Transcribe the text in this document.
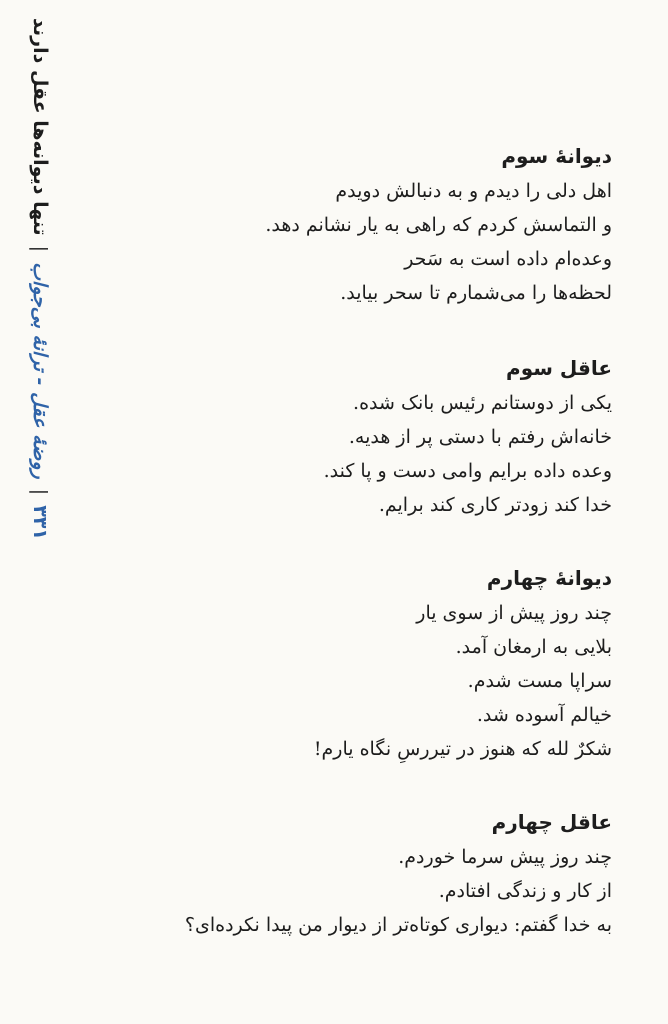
۳۳۱
|
روضهٔ عقل - ترانهٔ بی‌جواب
|
تنها دیوانه‌ها عقل دارند	دیوانهٔ سوم

اهل دلی را دیدم و به دنبالش دویدم

و التماسش کردم که راهی به یار نشانم دهد.

وعده‌ام داده است به سَحر

لحظه‌ها را می‌شمارم تا سحر بیاید.

عاقل سوم

یکی از دوستانم رئیس بانک شده.

خانه‌اش رفتم با دستی پر از هدیه.

وعده داده برایم وامی دست و پا کند.

خدا کند زودتر کاری کند برایم.

دیوانهٔ چهارم

چند روز پیش از سوی یار

بلایی به ارمغان آمد.

سراپا مست شدم.

خیالم آسوده شد.

شکرٌ لله که هنوز در تیررسِ نگاه یارم!

عاقل چهارم

چند روز پیش سرما خوردم.

از کار و زندگی افتادم.

به خدا گفتم: دیواری کوتاه‌تر از دیوار من پیدا نکرده‌ای؟
